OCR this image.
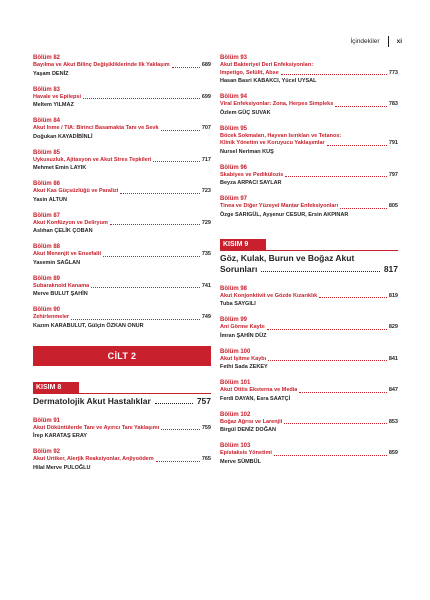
İçindekiler	xi
Bölüm 82
Bayılma ve Akut Bilinç Değişikliklerinde İlk Yaklaşım	689
Yaşam DENİZ
Bölüm 83
Havale ve Epilepsi	699
Meltem YILMAZ
Bölüm 84
Akut İnme / TİA: Birinci Basamakta Tanı ve Sevk	707
Doğukan KAYADİBİNLİ
Bölüm 85
Uykusuzluk, Ajitasyon ve Akut Stres Tepkileri	717
Mehmet Emin LAYIK
Bölüm 86
Akut Kas Güçsüzlüğü ve Paralizi	723
Yasin ALTUN
Bölüm 87
Akut Konfüzyon ve Deliryum	729
Aslıhan ÇELİK ÇOBAN
Bölüm 88
Akut Menenjit ve Ensefalit	735
Yasemin SAĞLAN
Bölüm 89
Subaraknoid Kanama	741
Merve BULUT ŞAHİN
Bölüm 90
Zehirlenmeler	749
Kazım KARABULUT, Gülçin ÖZKAN ONUR
CİLT 2
KISIM 8
Dermatolojik Akut Hastalıklar	757
Bölüm 91
Akut Döküntülerde Tanı ve Ayırıcı Tanı Yaklaşımı	759
İrep KARATAŞ ERAY
Bölüm 92
Akut Ürtiker, Alerjik Reaksiyonlar, Anjiyoödem	765
Hilal Merve PULOĞLU
Bölüm 93
Akut Bakteriyel Deri Enfeksiyonları:
İmpetigo, Selülit, Abse	773
Hasan Basri KABAKCI, Yücel UYSAL
Bölüm 94
Viral Enfeksiyonlar: Zona, Herpes Simpleks	783
Özlem GÜÇ SUVAK
Bölüm 95
Böcek Sokmaları, Hayvan Isırıkları ve Tetanos:
Klinik Yönetim ve Koruyucu Yaklaşımlar	791
Nursel Neriman KUŞ
Bölüm 96
Skabiyes ve Pedikülozis	797
Beyza ARPACI SAYLAR
Bölüm 97
Tinea ve Diğer Yüzeyel Mantar Enfeksiyonları	805
Özge SARIGÜL, Ayşenur CESUR, Ersin AKPINAR
KISIM 9
Göz, Kulak, Burun ve Boğaz Akut
Sorunları	817
Bölüm 98
Akut Konjonktivit ve Gözde Kızarıklık	819
Tuba SAYGILI
Bölüm 99
Ani Görme Kaybı	829
İmran ŞAHİN DÜZ
Bölüm 100
Akut İşitme Kaybı	841
Fethi Sada ZEKEY
Bölüm 101
Akut Otitis Eksterna ve Media	847
Ferdi DAYAN, Esra SAATÇİ
Bölüm 102
Boğaz Ağrısı ve Larenjit	853
Birgül DENİZ DOĞAN
Bölüm 103
Epistaksis Yönetimi	859
Merve SÜMBÜL
